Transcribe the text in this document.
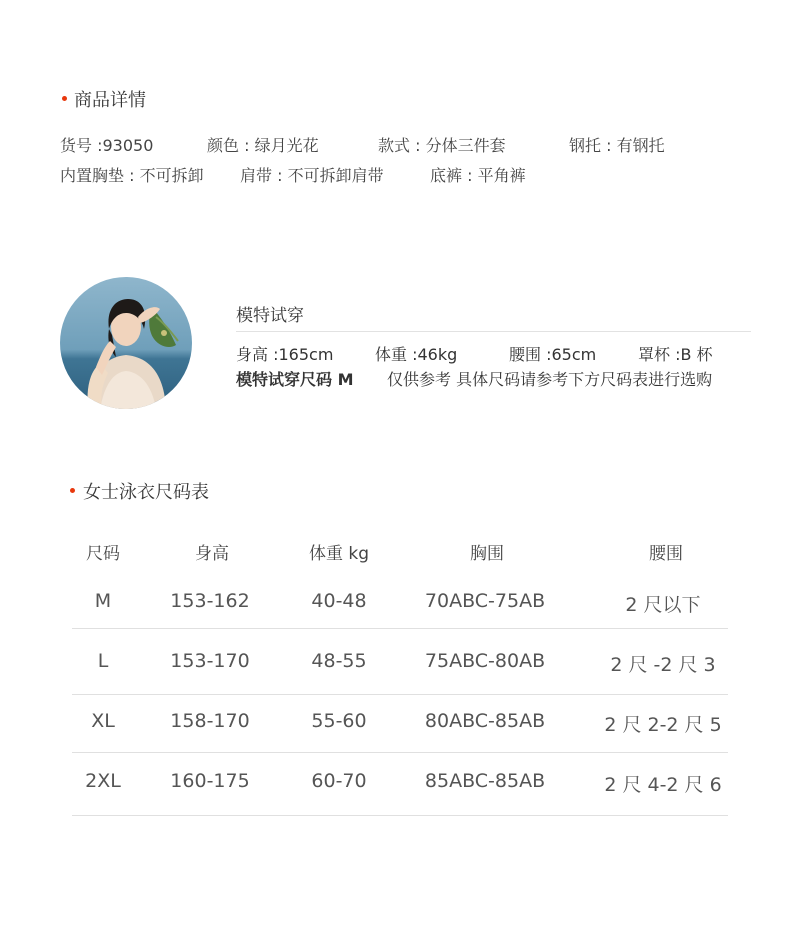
商品详情
货号 :93050	颜色 : 绿月光花	款式 : 分体三件套	钢托 : 有钢托
内置胸垫 : 不可拆卸 肩带 : 不可拆卸肩带	底裤 : 平角裤
模特试穿
身高 :165cm	体重 :46kg	腰围 :65cm	罩杯 :B 杯
模特试穿尺码 M 仅供参考 具体尺码请参考下方尺码表进行选购
女士泳衣尺码表
尺码	身高	体重 kg	胸围	腰围
M	153-162	40-48	70ABC-75AB	2 尺以下
L	153-170	48-55	75ABC-80AB	2 尺 -2 尺 3
XL	158-170	55-60	80ABC-85AB	2 尺 2-2 尺 5
2XL	160-175	60-70	85ABC-85AB	2 尺 4-2 尺 6
